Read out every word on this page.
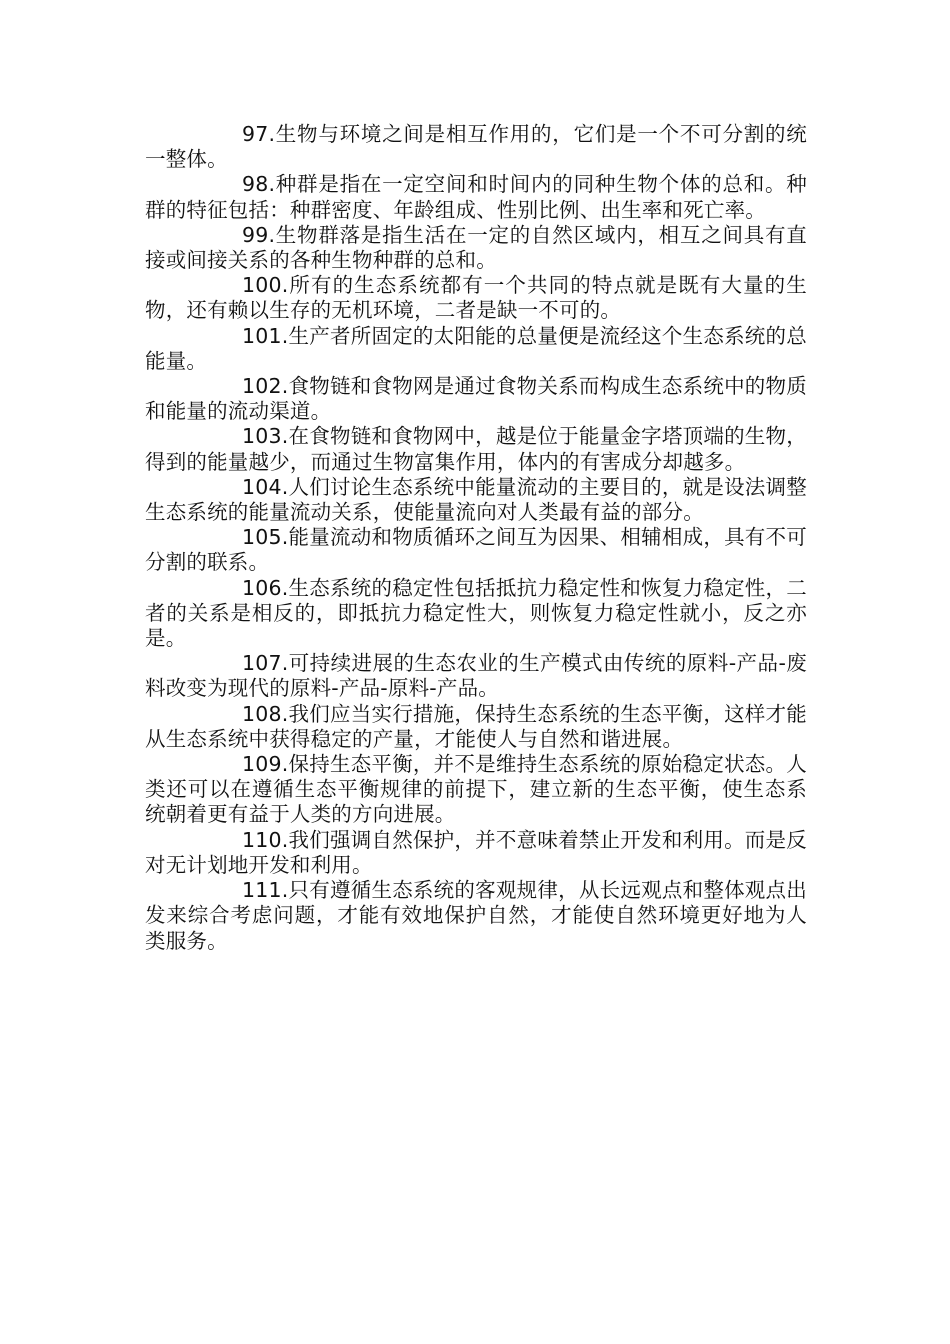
97.生物与环境之间是相互作用的，它们是一个不可分割的统一整体。

98.种群是指在一定空间和时间内的同种生物个体的总和。种群的特征包括：种群密度、年龄组成、性别比例、出生率和死亡率。

99.生物群落是指生活在一定的自然区域内，相互之间具有直接或间接关系的各种生物种群的总和。

100.所有的生态系统都有一个共同的特点就是既有大量的生物，还有赖以生存的无机环境，二者是缺一不可的。

101.生产者所固定的太阳能的总量便是流经这个生态系统的总能量。

102.食物链和食物网是通过食物关系而构成生态系统中的物质和能量的流动渠道。

103.在食物链和食物网中，越是位于能量金字塔顶端的生物，得到的能量越少，而通过生物富集作用，体内的有害成分却越多。

104.人们讨论生态系统中能量流动的主要目的，就是设法调整生态系统的能量流动关系，使能量流向对人类最有益的部分。

105.能量流动和物质循环之间互为因果、相辅相成，具有不可分割的联系。

106.生态系统的稳定性包括抵抗力稳定性和恢复力稳定性，二者的关系是相反的，即抵抗力稳定性大，则恢复力稳定性就小，反之亦是。

107.可持续进展的生态农业的生产模式由传统的原料-产品-废料改变为现代的原料-产品-原料-产品。

108.我们应当实行措施，保持生态系统的生态平衡，这样才能从生态系统中获得稳定的产量，才能使人与自然和谐进展。

109.保持生态平衡，并不是维持生态系统的原始稳定状态。人类还可以在遵循生态平衡规律的前提下，建立新的生态平衡，使生态系统朝着更有益于人类的方向进展。

110.我们强调自然保护，并不意味着禁止开发和利用。而是反对无计划地开发和利用。

111.只有遵循生态系统的客观规律，从长远观点和整体观点出发来综合考虑问题，才能有效地保护自然，才能使自然环境更好地为人类服务。
